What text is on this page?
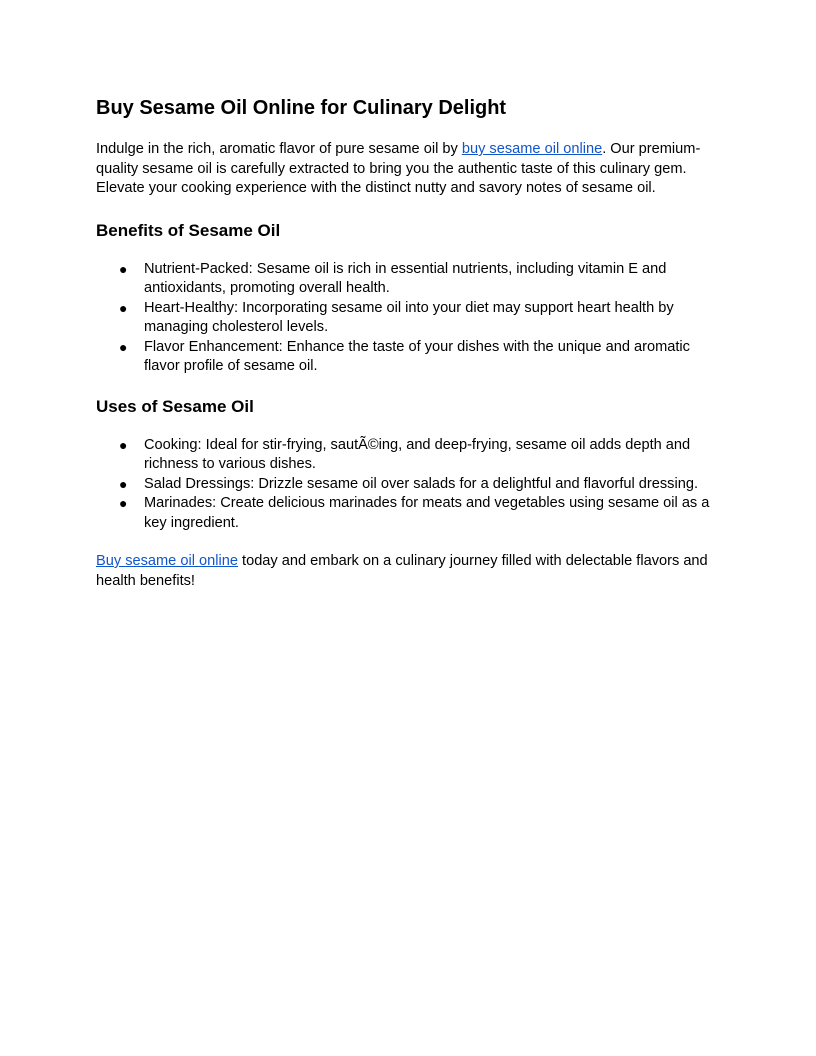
Buy Sesame Oil Online for Culinary Delight

Indulge in the rich, aromatic flavor of pure sesame oil by buy sesame oil online. Our premium-quality sesame oil is carefully extracted to bring you the authentic taste of this culinary gem. Elevate your cooking experience with the distinct nutty and savory notes of sesame oil.

Benefits of Sesame Oil
● Nutrient-Packed: Sesame oil is rich in essential nutrients, including vitamin E and antioxidants, promoting overall health.
● Heart-Healthy: Incorporating sesame oil into your diet may support heart health by managing cholesterol levels.
● Flavor Enhancement: Enhance the taste of your dishes with the unique and aromatic flavor profile of sesame oil.
Uses of Sesame Oil
● Cooking: Ideal for stir-frying, sautÃ©ing, and deep-frying, sesame oil adds depth and richness to various dishes.
● Salad Dressings: Drizzle sesame oil over salads for a delightful and flavorful dressing.
● Marinades: Create delicious marinades for meats and vegetables using sesame oil as a key ingredient.

Buy sesame oil online today and embark on a culinary journey filled with delectable flavors and health benefits!
